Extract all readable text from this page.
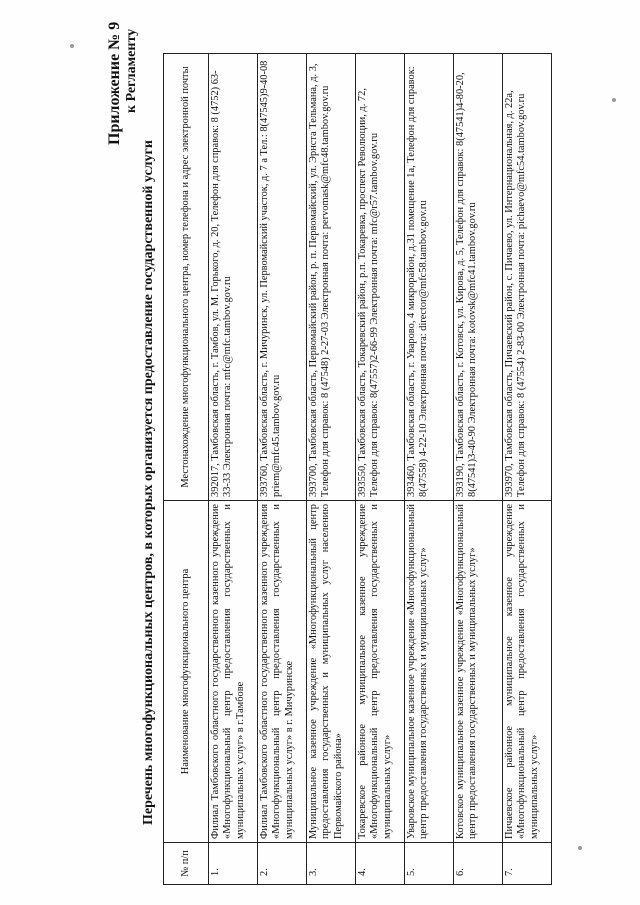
Приложение № 9 к Регламенту
Перечень многофункциональных центров, в которых организуется предоставление государственной услуги
№ п/п	Наименование многофункционального центра	Местонахождение многофункционального центра, номер телефона и адрес электронной почты
1.	Филиал Тамбовского областного государственного казенного учреждение «Многофункциональный центр предоставления государственных и муниципальных услуг» в г.Тамбове	392017, Тамбовская область, г. Тамбов, ул. М. Горького, д. 20, Телефон для справок: 8 (4752) 63-33-33 Электронная почта: mfc@mfc.tambov.gov.ru
2.	Филиал Тамбовского областного государственного казенного учреждения «Многофункциональный центр предоставления государственных и муниципальных услуг» в г. Мичуринске	393760, Тамбовская область, г. Мичуринск, ул. Первомайский участок, д. 7 а Тел.: 8(47545)9-40-08 priem@mfc45.tambov.gov.ru
3.	Муниципальное казенное учреждение «Многофункциональный центр предоставления государственных и муниципальных услуг населению Первомайского района»	393700, Тамбовская область, Первомайский район, р. п. Первомайский, ул. Эрнста Тельмана, д. 3, Телефон для справок: 8 (47548) 2-27-03 Электронная почта: pervomask@mfc48.tambov.gov.ru
4.	Токаревское районное муниципальное казенное учреждение «Многофункциональный центр предоставления государственных и муниципальных услуг»	393550, Тамбовская область, Токаревский район, р.п. Токаревка, проспект Революции, д. 72, Телефон для справок: 8(47557)2-66-99 Электронная почта: mfc@r57.tambov.gov.ru
5.	Уваровское муниципальное казенное учреждение «Многофункциональный центр предоставления государственных и муниципальных услуг»	393460, Тамбовская область, г. Уварово, 4 микрорайон, д.31 помещение 1а, Телефон для справок: 8(47558) 4-22-10 Электронная почта: director@mfc58.tambov.gov.ru
6.	Котовское муниципальное казенное учреждение «Многофункциональный центр предоставления государственных и муниципальных услуг»	393190, Тамбовская область, г. Котовск, ул. Кирова, д. 5, Телефон для справок: 8(47541)4-80-20, 8(47541)3-40-90 Электронная почта: kotovsk@mfc41.tambov.gov.ru
7.	Пичаевское районное муниципальное казенное учреждение «Многофункциональный центр предоставления государственных и муниципальных услуг»	393970, Тамбовская область, Пичаевский район, с. Пичаево, ул. Интернациональная, д. 22а, Телефон для справок: 8 (47554) 2-83-00 Электронная почта: pichaevo@mfc54.tambov.gov.ru
